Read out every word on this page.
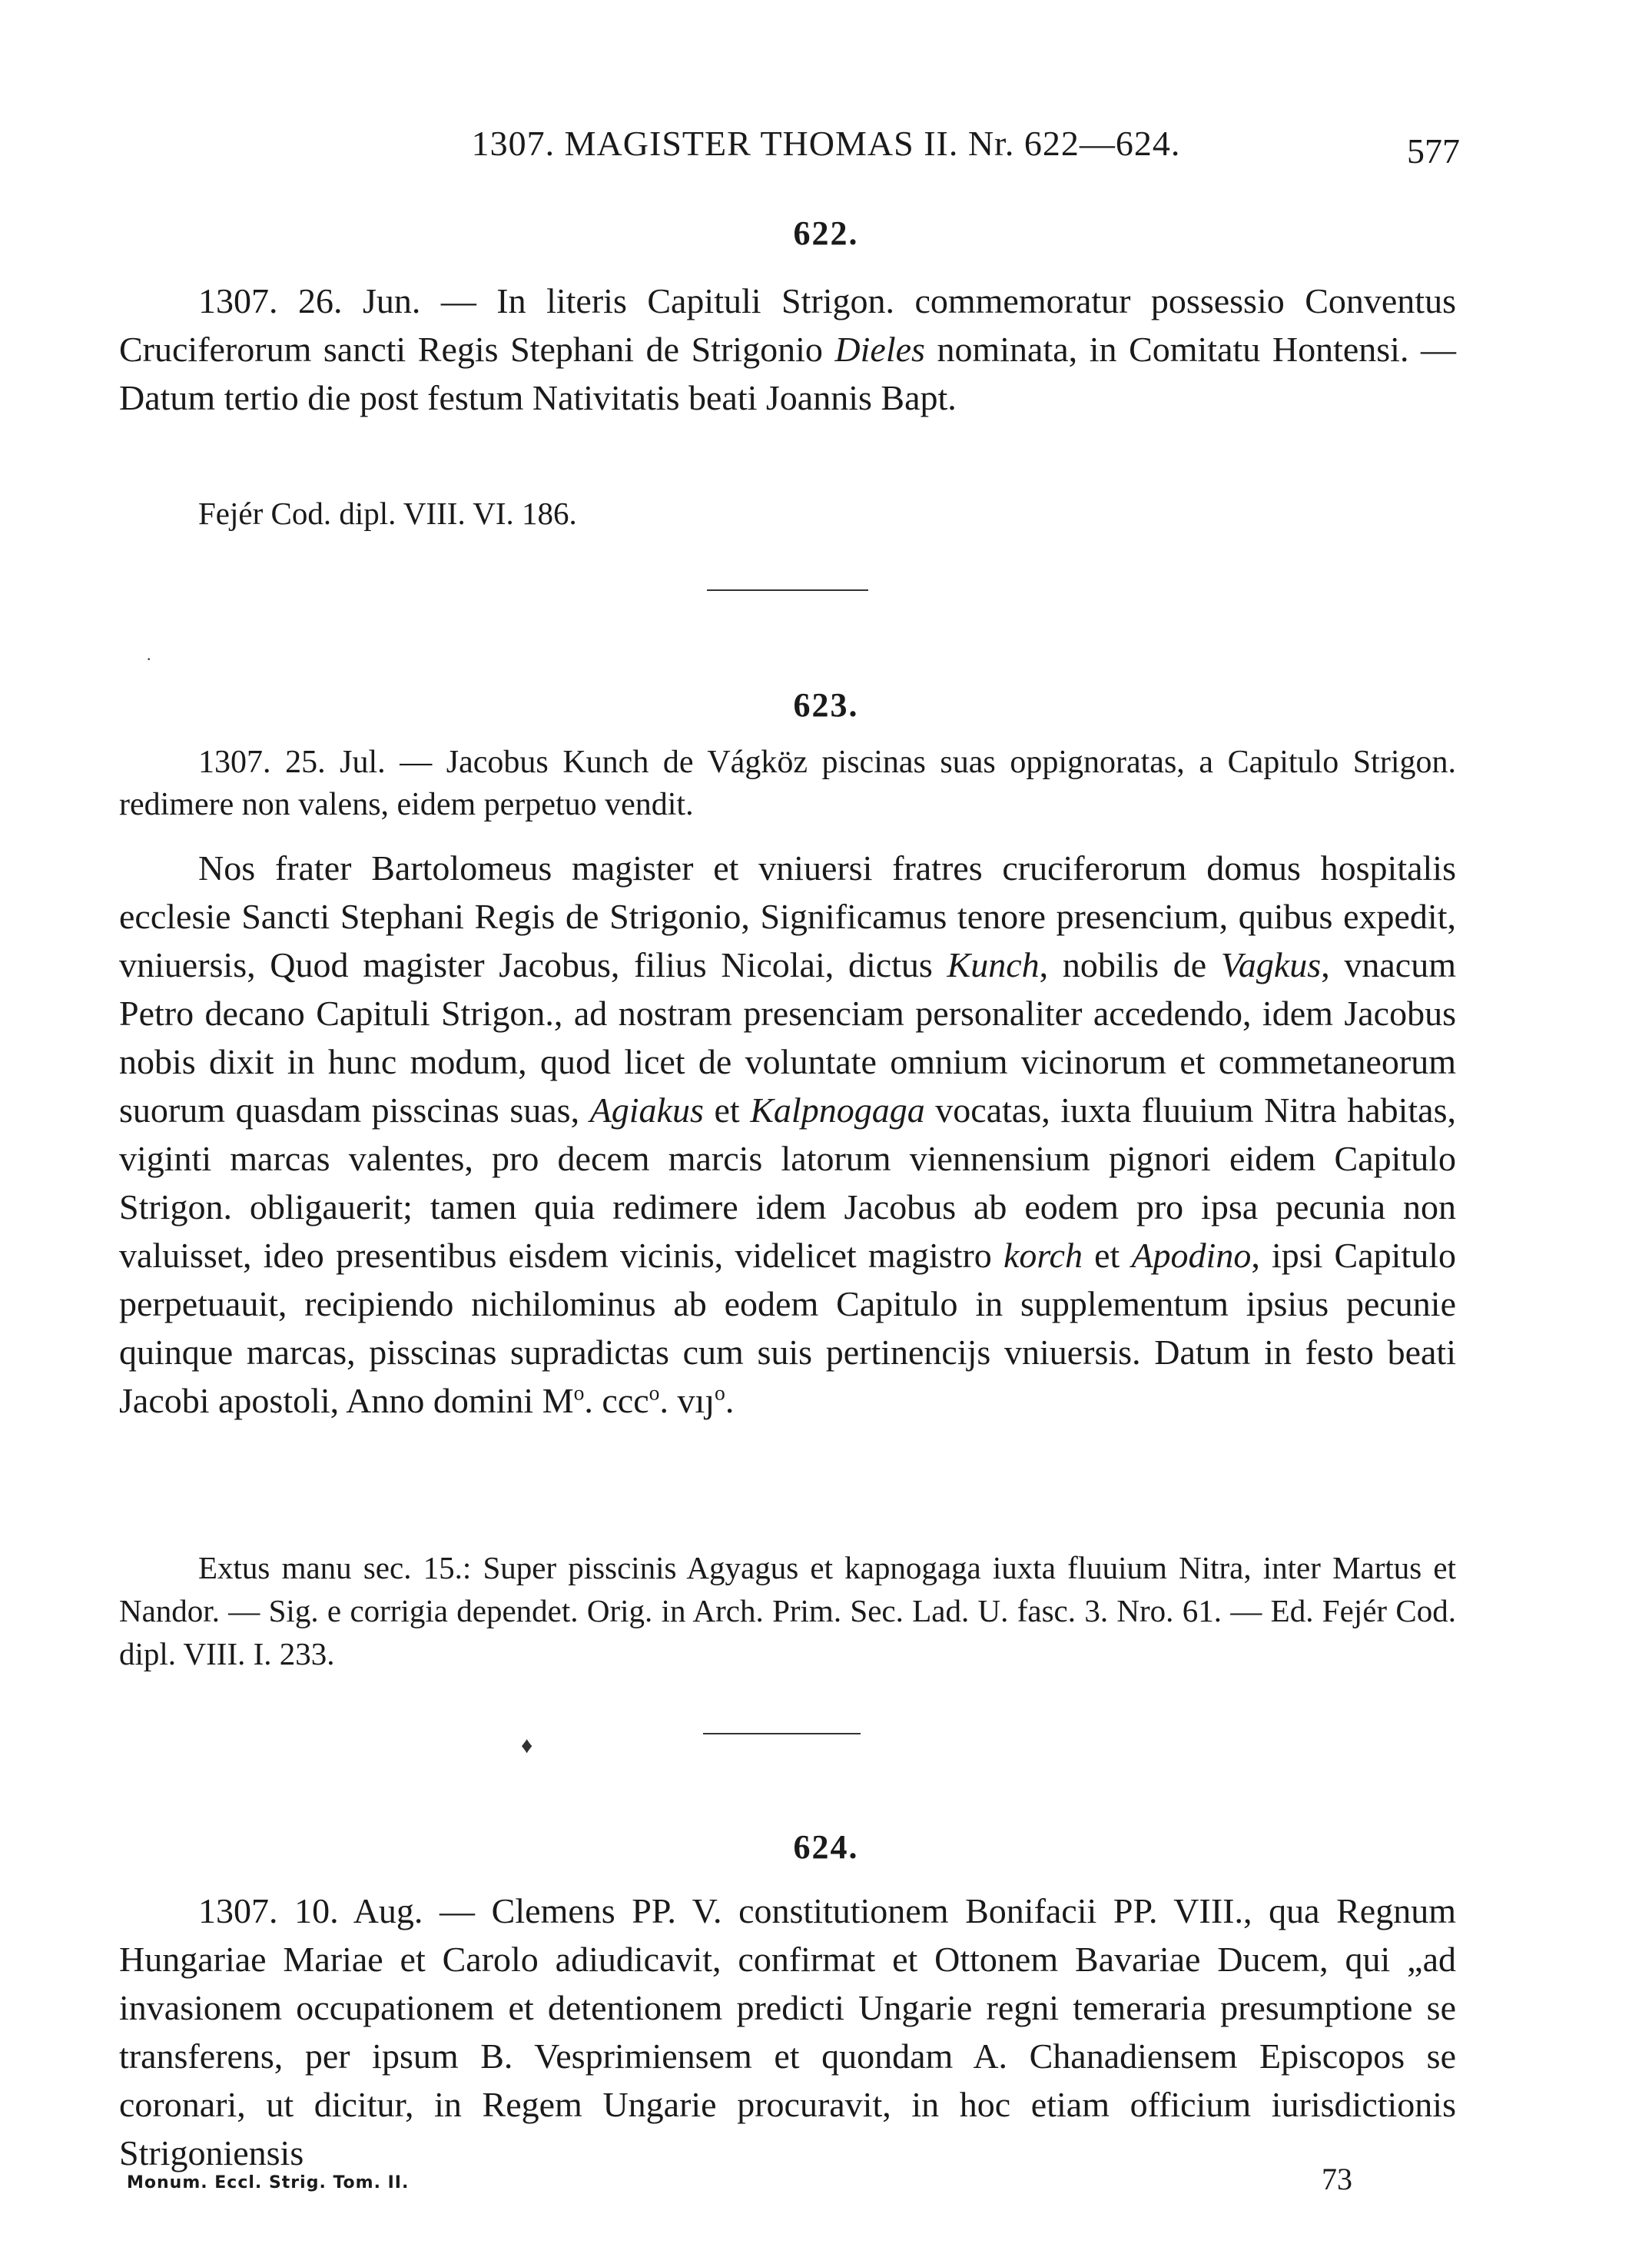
1307. MAGISTER THOMAS II. Nr. 622—624.	577
622.

1307. 26. Jun. — In literis Capituli Strigon. commemoratur possessio Conventus Cruciferorum sancti Regis Stephani de Strigonio Dieles nominata, in Comitatu Hontensi. — Datum tertio die post festum Nativitatis beati Joannis Bapt.

Fejér Cod. dipl. VIII. VI. 186.
·
623.

1307. 25. Jul. — Jacobus Kunch de Vágköz piscinas suas oppignoratas, a Capitulo Strigon. redimere non valens, eidem perpetuo vendit.

Nos frater Bartolomeus magister et vniuersi fratres cruciferorum domus hospitalis ecclesie Sancti Stephani Regis de Strigonio, Significamus tenore presencium, quibus expedit, vniuersis, Quod magister Jacobus, filius Nicolai, dictus Kunch, nobilis de Vagkus, vnacum Petro decano Capituli Strigon., ad nostram presenciam personaliter accedendo, idem Jacobus nobis dixit in hunc modum, quod licet de voluntate omnium vicinorum et commetaneorum suorum quasdam pisscinas suas, Agiakus et Kalpnogaga vocatas, iuxta fluuium Nitra habitas, viginti marcas valentes, pro decem marcis latorum viennensium pignori eidem Capitulo Strigon. obligauerit; tamen quia redimere idem Jacobus ab eodem pro ipsa pecunia non valuisset, ideo presentibus eisdem vicinis, videlicet magistro korch et Apodino, ipsi Capitulo perpetuauit, recipiendo nichilominus ab eodem Capitulo in supplementum ipsius pecunie quinque marcas, pisscinas supradictas cum suis pertinencijs vniuersis. Datum in festo beati Jacobi apostoli, Anno domini $M^o$. ccc$^o$. vıȷ$^o$.

Extus manu sec. 15.: Super pisscinis Agyagus et kapnogaga iuxta fluuium Nitra, inter Martus et Nandor. — Sig. e corrigia dependet. Orig. in Arch. Prim. Sec. Lad. U. fasc. 3. Nro. 61. — Ed. Fejér Cod. dipl. VIII. I. 233.

♦
624.

1307. 10. Aug. — Clemens PP. V. constitutionem Bonifacii PP. VIII., qua Regnum Hungariae Mariae et Carolo adiudicavit, confirmat et Ottonem Bavariae Ducem, qui „ad invasionem occupationem et detentionem predicti Ungarie regni temeraria presumptione se transferens, per ipsum B. Vesprimiensem et quondam A. Chanadiensem Episcopos se coronari, ut dicitur, in Regem Ungarie procuravit, in hoc etiam officium iurisdictionis Strigoniensis

Monum. Eccl. Strig. Tom. II.	73
